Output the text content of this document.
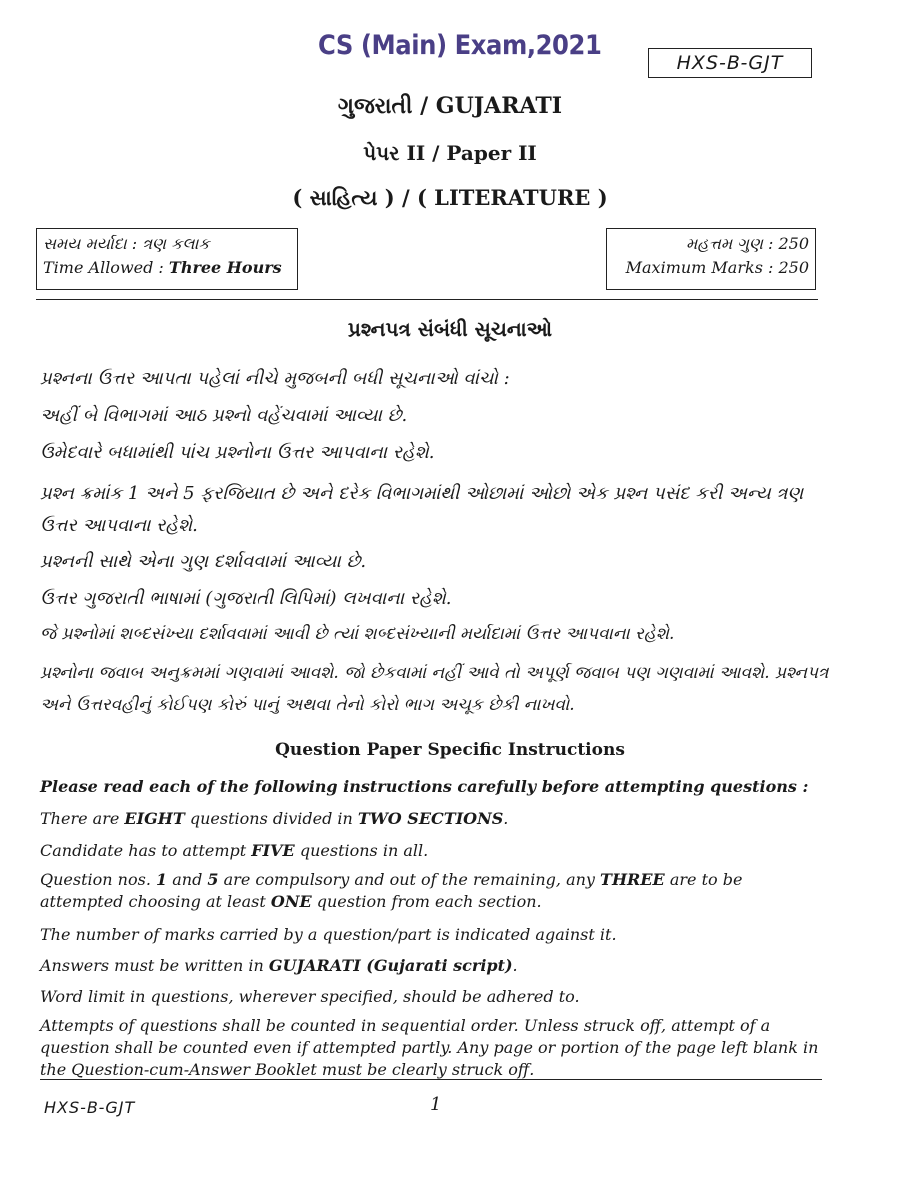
CS (Main) Exam,2021
HXS-B-GJT
ગુજરાતી / GUJARATI
પેપર II / Paper II
( સાહિત્ય ) / ( LITERATURE )
સમય મર્યાદા : ત્રણ કલાક
Time Allowed : Three Hours
મહત્તમ ગુણ : 250
Maximum Marks : 250
પ્રશ્નપત્ર સંબંધી સૂચનાઓ
પ્રશ્નના ઉત્તર આપતા પહેલાં નીચે મુજબની બધી સૂચનાઓ વાંચો :
અહીં બે વિભાગમાં આઠ પ્રશ્નો વહેંચવામાં આવ્યા છે.
ઉમેદવારે બધામાંથી પાંચ પ્રશ્નોના ઉત્તર આપવાના રહેશે.
પ્રશ્ન ક્રમાંક 1 અને 5 ફરજિયાત છે અને દરેક વિભાગમાંથી ઓછામાં ઓછો એક પ્રશ્ન પસંદ કરી અન્ય ત્રણ ઉત્તર આપવાના રહેશે.
પ્રશ્નની સાથે એના ગુણ દર્શાવવામાં આવ્યા છે.
ઉત્તર ગુજરાતી ભાષામાં (ગુજરાતી લિપિમાં) લખવાના રહેશે.
જે પ્રશ્નોમાં શબ્દસંખ્યા દર્શાવવામાં આવી છે ત્યાં શબ્દસંખ્યાની મર્યાદામાં ઉત્તર આપવાના રહેશે.
પ્રશ્નોના જવાબ અનુક્રમમાં ગણવામાં આવશે. જો છેકવામાં નહીં આવે તો અપૂર્ણ જવાબ પણ ગણવામાં આવશે. પ્રશ્નપત્ર અને ઉત્તરવહીનું કોઈપણ કોરું પાનું અથવા તેનો કોરો ભાગ અચૂક છેકી નાખવો.
Question Paper Specific Instructions
Please read each of the following instructions carefully before attempting questions :
There are EIGHT questions divided in TWO SECTIONS.
Candidate has to attempt FIVE questions in all.
Question nos. 1 and 5 are compulsory and out of the remaining, any THREE are to be attempted choosing at least ONE question from each section.
The number of marks carried by a question/part is indicated against it.
Answers must be written in GUJARATI (Gujarati script).
Word limit in questions, wherever specified, should be adhered to.
Attempts of questions shall be counted in sequential order. Unless struck off, attempt of a question shall be counted even if attempted partly. Any page or portion of the page left blank in the Question-cum-Answer Booklet must be clearly struck off.
HXS-B-GJT	1
